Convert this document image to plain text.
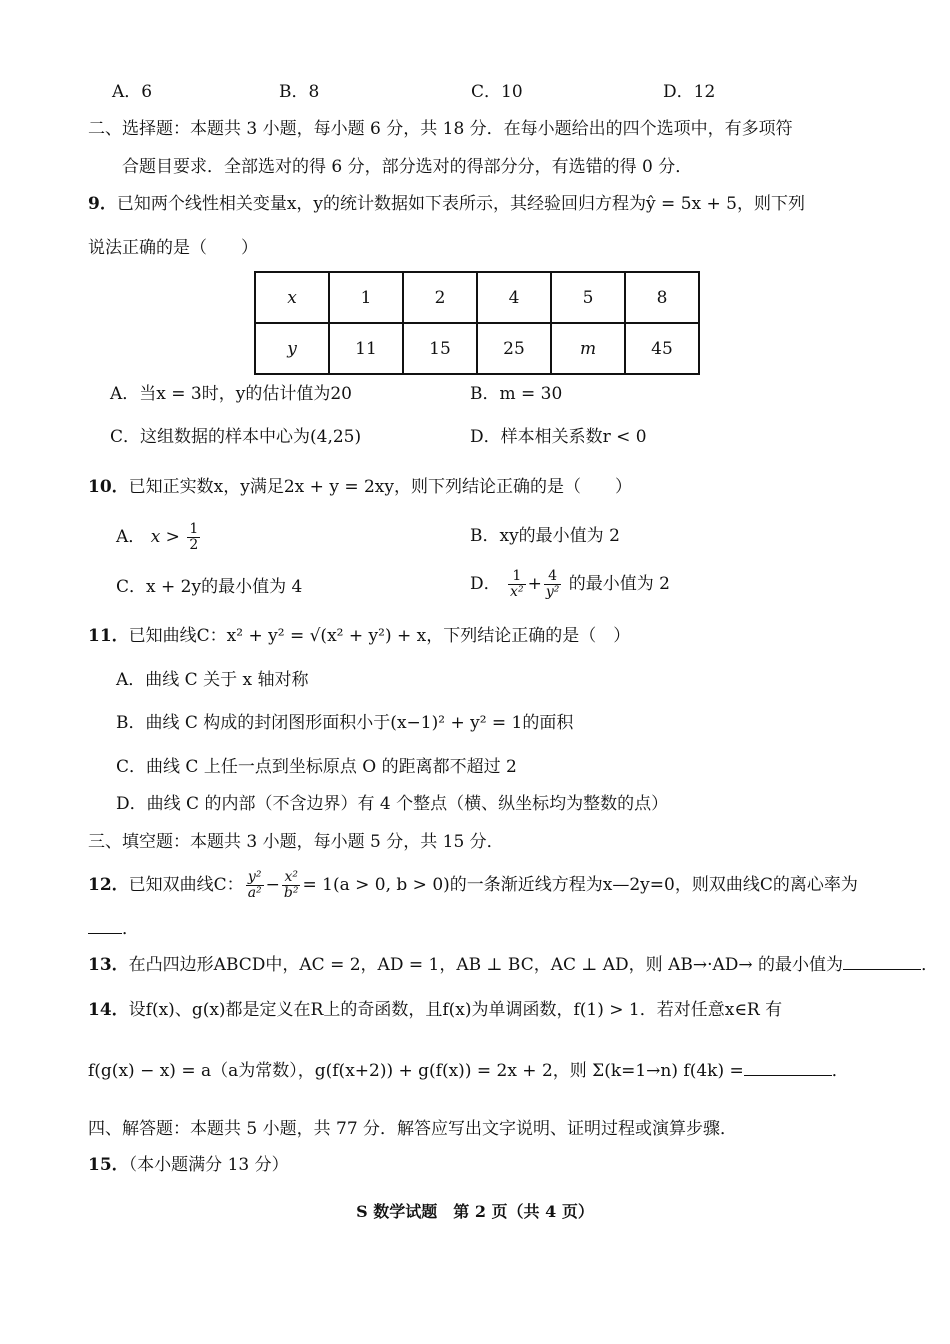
A．6	B．8	C．10	D．12
二、选择题：本题共 3 小题，每小题 6 分，共 18 分．在每小题给出的四个选项中，有多项符
合题目要求．全部选对的得 6 分，部分选对的得部分分，有选错的得 0 分．
9．已知两个线性相关变量x，y的统计数据如下表所示，其经验回归方程为ŷ = 5x + 5，则下列
说法正确的是（　　）
x	1	2	4	5	8
y	11	15	25	m	45
A．当x = 3时，y的估计值为20	B．m = 30
C．这组数据的样本中心为(4,25)	D．样本相关系数r < 0
10．已知正实数x，y满足2x + y = 2xy，则下列结论正确的是（　　）
A． $x > \frac{1}{2}$	B．xy的最小值为 2
C．x + 2y的最小值为 4	D． $\frac{1}{\text{x²}} + \frac{4}{\text{y²}}$ 的最小值为 2
11．已知曲线C：x² + y² = √(x² + y²) + x，下列结论正确的是（　）
A．曲线 C 关于 x 轴对称
B．曲线 C 构成的封闭图形面积小于(x−1)² + y² = 1的面积
C．曲线 C 上任一点到坐标原点 O 的距离都不超过 2
D．曲线 C 的内部（不含边界）有 4 个整点（横、纵坐标均为整数的点）
三、填空题：本题共 3 小题，每小题 5 分，共 15 分．
12．已知双曲线C： $\frac{\text{y²}}{\text{a²}} - \frac{\text{x²}}{\text{b²}} = 1(a > 0$, b > 0)的一条渐近线方程为x—2y=0，则双曲线C的离心率为
．
13．在凸四边形ABCD中，AC = 2，AD = 1，AB ⊥ BC，AC ⊥ AD，则 AB→·AD→ 的最小值为	．
14．设f(x)、g(x)都是定义在R上的奇函数，且f(x)为单调函数，f(1) > 1．若对任意x∈R 有
f(g(x) − x) = a（a为常数），g(f(x+2)) + g(f(x)) = 2x + 2，则 Σ(k=1→n) f(4k) =	．
四、解答题：本题共 5 小题，共 77 分．解答应写出文字说明、证明过程或演算步骤．
15．（本小题满分 13 分）
S 数学试题　第 2 页（共 4 页）
